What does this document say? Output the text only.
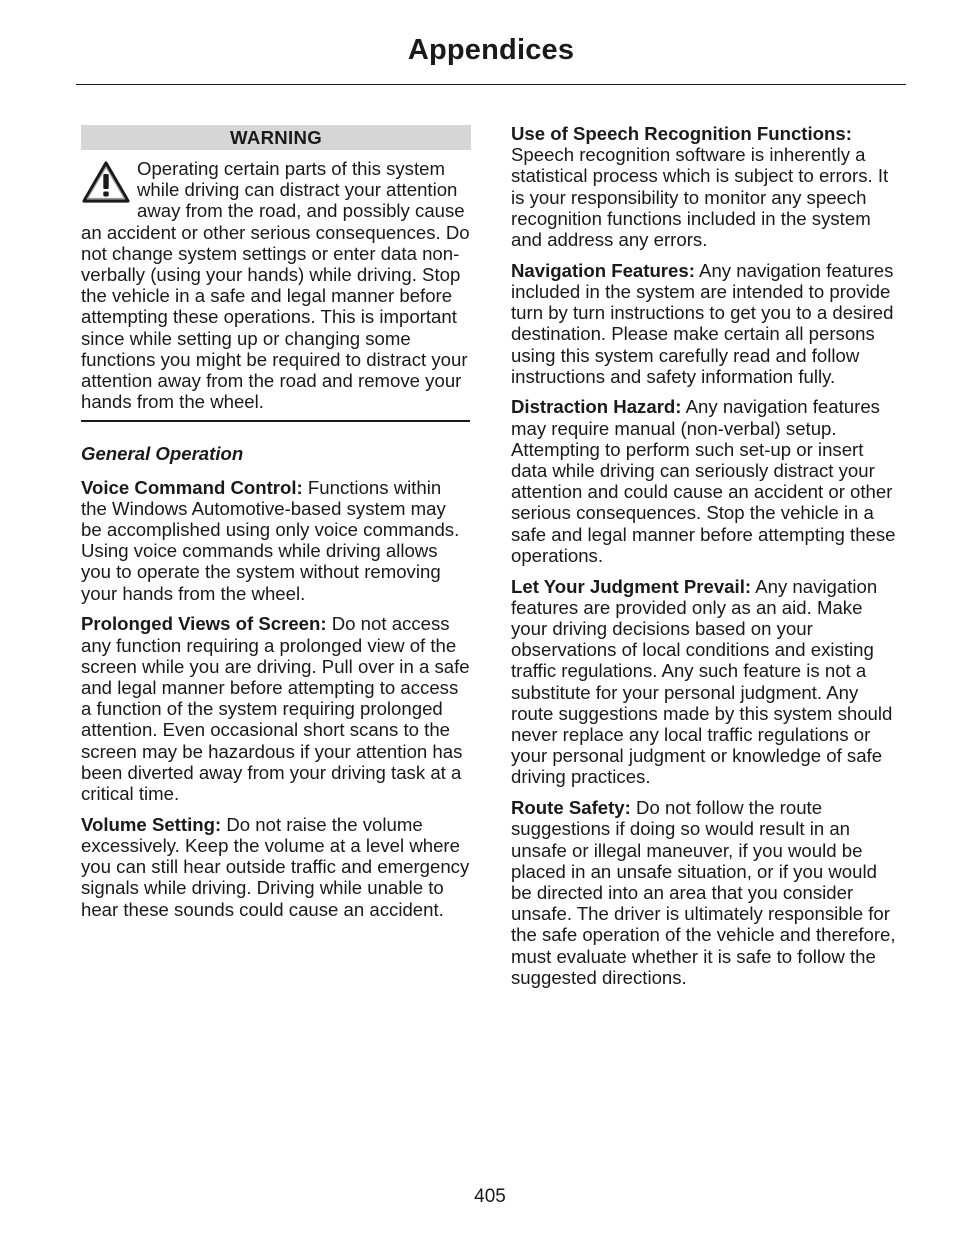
Appendices
WARNING

Operating certain parts of this system while driving can distract your attention away from the road, and possibly cause an accident or other serious consequences. Do not change system settings or enter data non-verbally (using your hands) while driving. Stop the vehicle in a safe and legal manner before attempting these operations. This is important since while setting up or changing some functions you might be required to distract your attention away from the road and remove your hands from the wheel.

General Operation

Voice Command Control: Functions within the Windows Automotive-based system may be accomplished using only voice commands. Using voice commands while driving allows you to operate the system without removing your hands from the wheel.

Prolonged Views of Screen: Do not access any function requiring a prolonged view of the screen while you are driving. Pull over in a safe and legal manner before attempting to access a function of the system requiring prolonged attention. Even occasional short scans to the screen may be hazardous if your attention has been diverted away from your driving task at a critical time.

Volume Setting: Do not raise the volume excessively. Keep the volume at a level where you can still hear outside traffic and emergency signals while driving. Driving while unable to hear these sounds could cause an accident.

Use of Speech Recognition Functions: Speech recognition software is inherently a statistical process which is subject to errors. It is your responsibility to monitor any speech recognition functions included in the system and address any errors.

Navigation Features: Any navigation features included in the system are intended to provide turn by turn instructions to get you to a desired destination. Please make certain all persons using this system carefully read and follow instructions and safety information fully.

Distraction Hazard: Any navigation features may require manual (non-verbal) setup. Attempting to perform such set-up or insert data while driving can seriously distract your attention and could cause an accident or other serious consequences. Stop the vehicle in a safe and legal manner before attempting these operations.

Let Your Judgment Prevail: Any navigation features are provided only as an aid. Make your driving decisions based on your observations of local conditions and existing traffic regulations. Any such feature is not a substitute for your personal judgment. Any route suggestions made by this system should never replace any local traffic regulations or your personal judgment or knowledge of safe driving practices.

Route Safety: Do not follow the route suggestions if doing so would result in an unsafe or illegal maneuver, if you would be placed in an unsafe situation, or if you would be directed into an area that you consider unsafe. The driver is ultimately responsible for the safe operation of the vehicle and therefore, must evaluate whether it is safe to follow the suggested directions.

405
